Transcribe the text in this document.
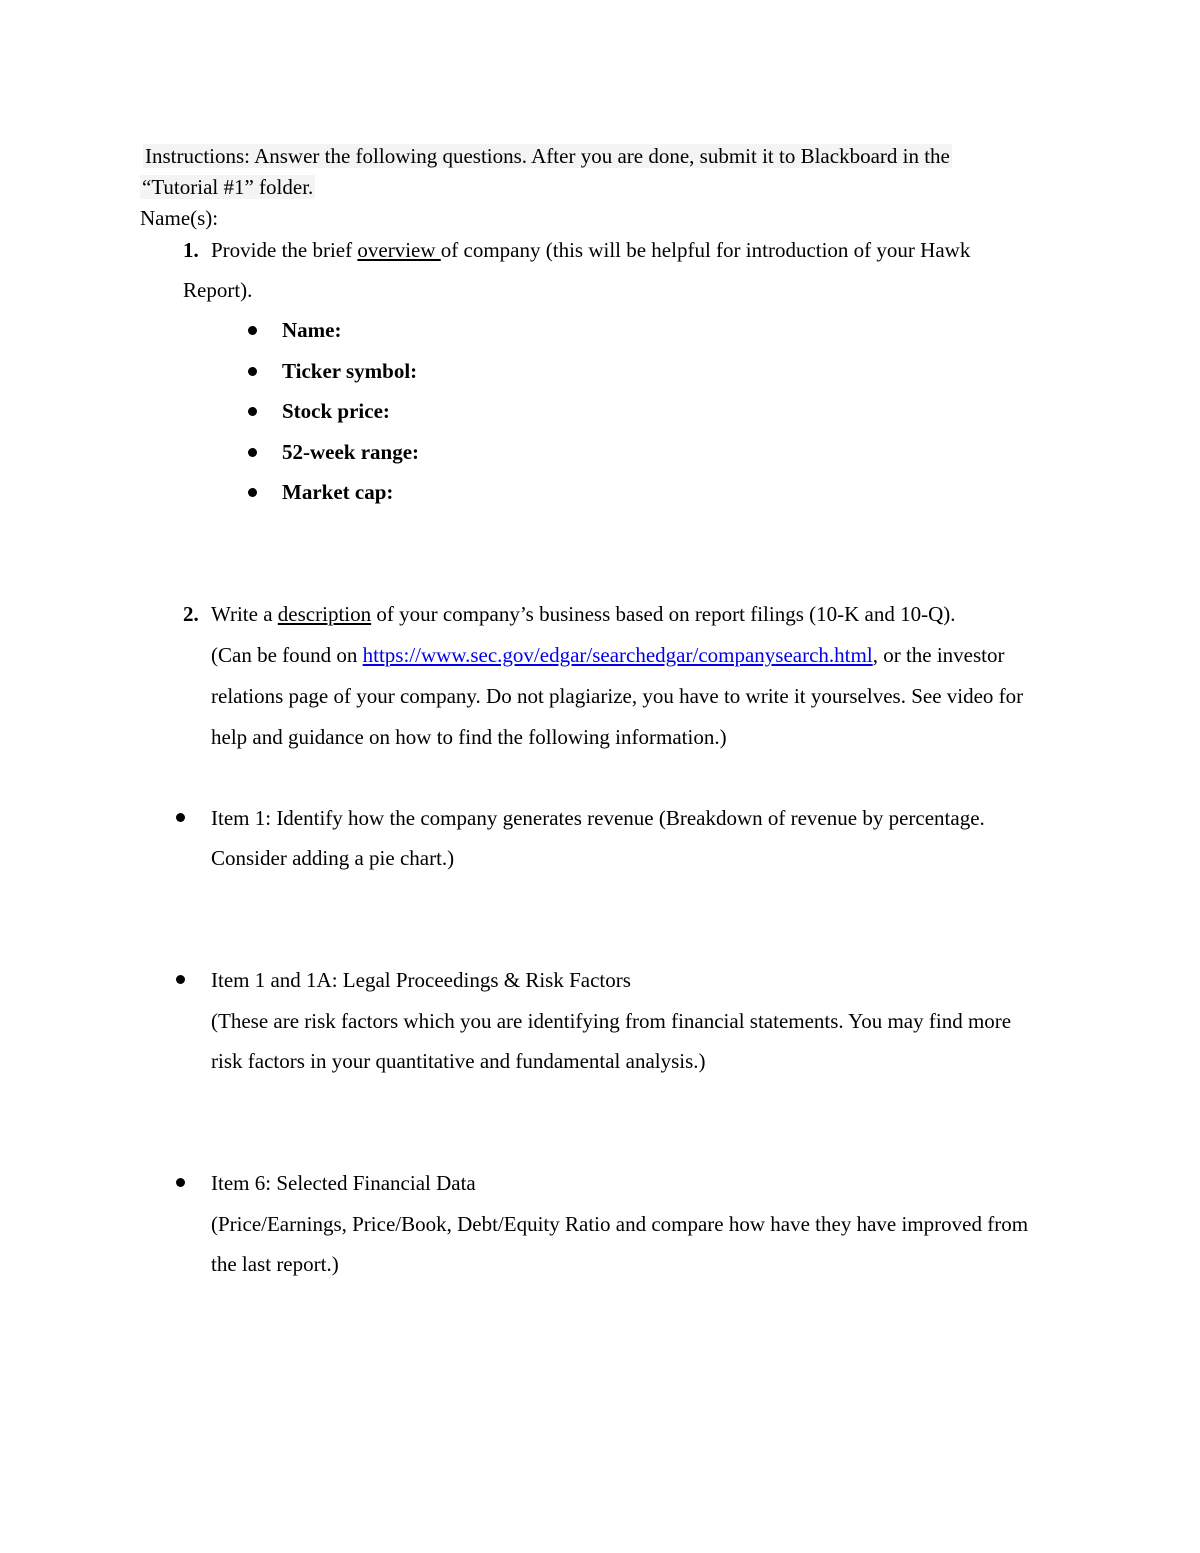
Instructions: Answer the following questions. After you are done, submit it to Blackboard in the
“Tutorial #1” folder.
Name(s):
1. Provide the brief overview of company (this will be helpful for introduction of your Hawk
Report).
Name:
Ticker symbol:
Stock price:
52-week range:
Market cap:
2. Write a description of your company’s business based on report filings (10-K and 10-Q).
(Can be found on https://www.sec.gov/edgar/searchedgar/companysearch.html, or the investor
relations page of your company. Do not plagiarize, you have to write it yourselves. See video for
help and guidance on how to find the following information.)
Item 1: Identify how the company generates revenue (Breakdown of revenue by percentage.
Consider adding a pie chart.)
Item 1 and 1A: Legal Proceedings & Risk Factors
(These are risk factors which you are identifying from financial statements. You may find more
risk factors in your quantitative and fundamental analysis.)
Item 6: Selected Financial Data
(Price/Earnings, Price/Book, Debt/Equity Ratio and compare how have they have improved from
the last report.)
